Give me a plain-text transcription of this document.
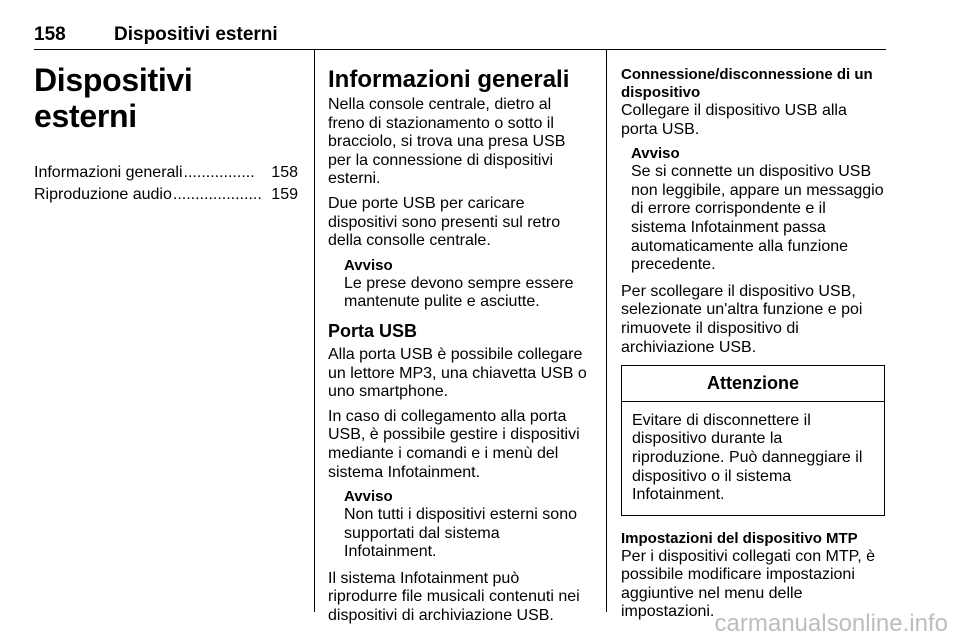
158	Dispositivi esterni
Dispositivi esterni
Informazioni generali ................	158
Riproduzione audio .................... 159
Informazioni generali

Nella console centrale, dietro al freno di stazionamento o sotto il bracciolo, si trova una presa USB per la connessione di dispositivi esterni.

Due porte USB per caricare dispositivi sono presenti sul retro della consolle centrale.

Avviso
Le prese devono sempre essere mantenute pulite e asciutte.
Porta USB

Alla porta USB è possibile collegare un lettore MP3, una chiavetta USB o uno smartphone.

In caso di collegamento alla porta USB, è possibile gestire i dispositivi mediante i comandi e i menù del sistema Infotainment.

Avviso
Non tutti i dispositivi esterni sono supportati dal sistema Infotainment.

Il sistema Infotainment può riprodurre file musicali contenuti nei dispositivi di archiviazione USB.

Connessione/disconnessione di un dispositivo

Collegare il dispositivo USB alla porta USB.

Avviso
Se si connette un dispositivo USB non leggibile, appare un messaggio di errore corrispondente e il sistema Infotainment passa automaticamente alla funzione precedente.

Per scollegare il dispositivo USB, selezionate un'altra funzione e poi rimuovete il dispositivo di archiviazione USB.

Attenzione
Evitare di disconnettere il dispositivo durante la riproduzione. Può danneggiare il dispositivo o il sistema Infotainment.
Impostazioni del dispositivo MTP

Per i dispositivi collegati con MTP, è possibile modificare impostazioni aggiuntive nel menu delle impostazioni. carmanualsonline.info
